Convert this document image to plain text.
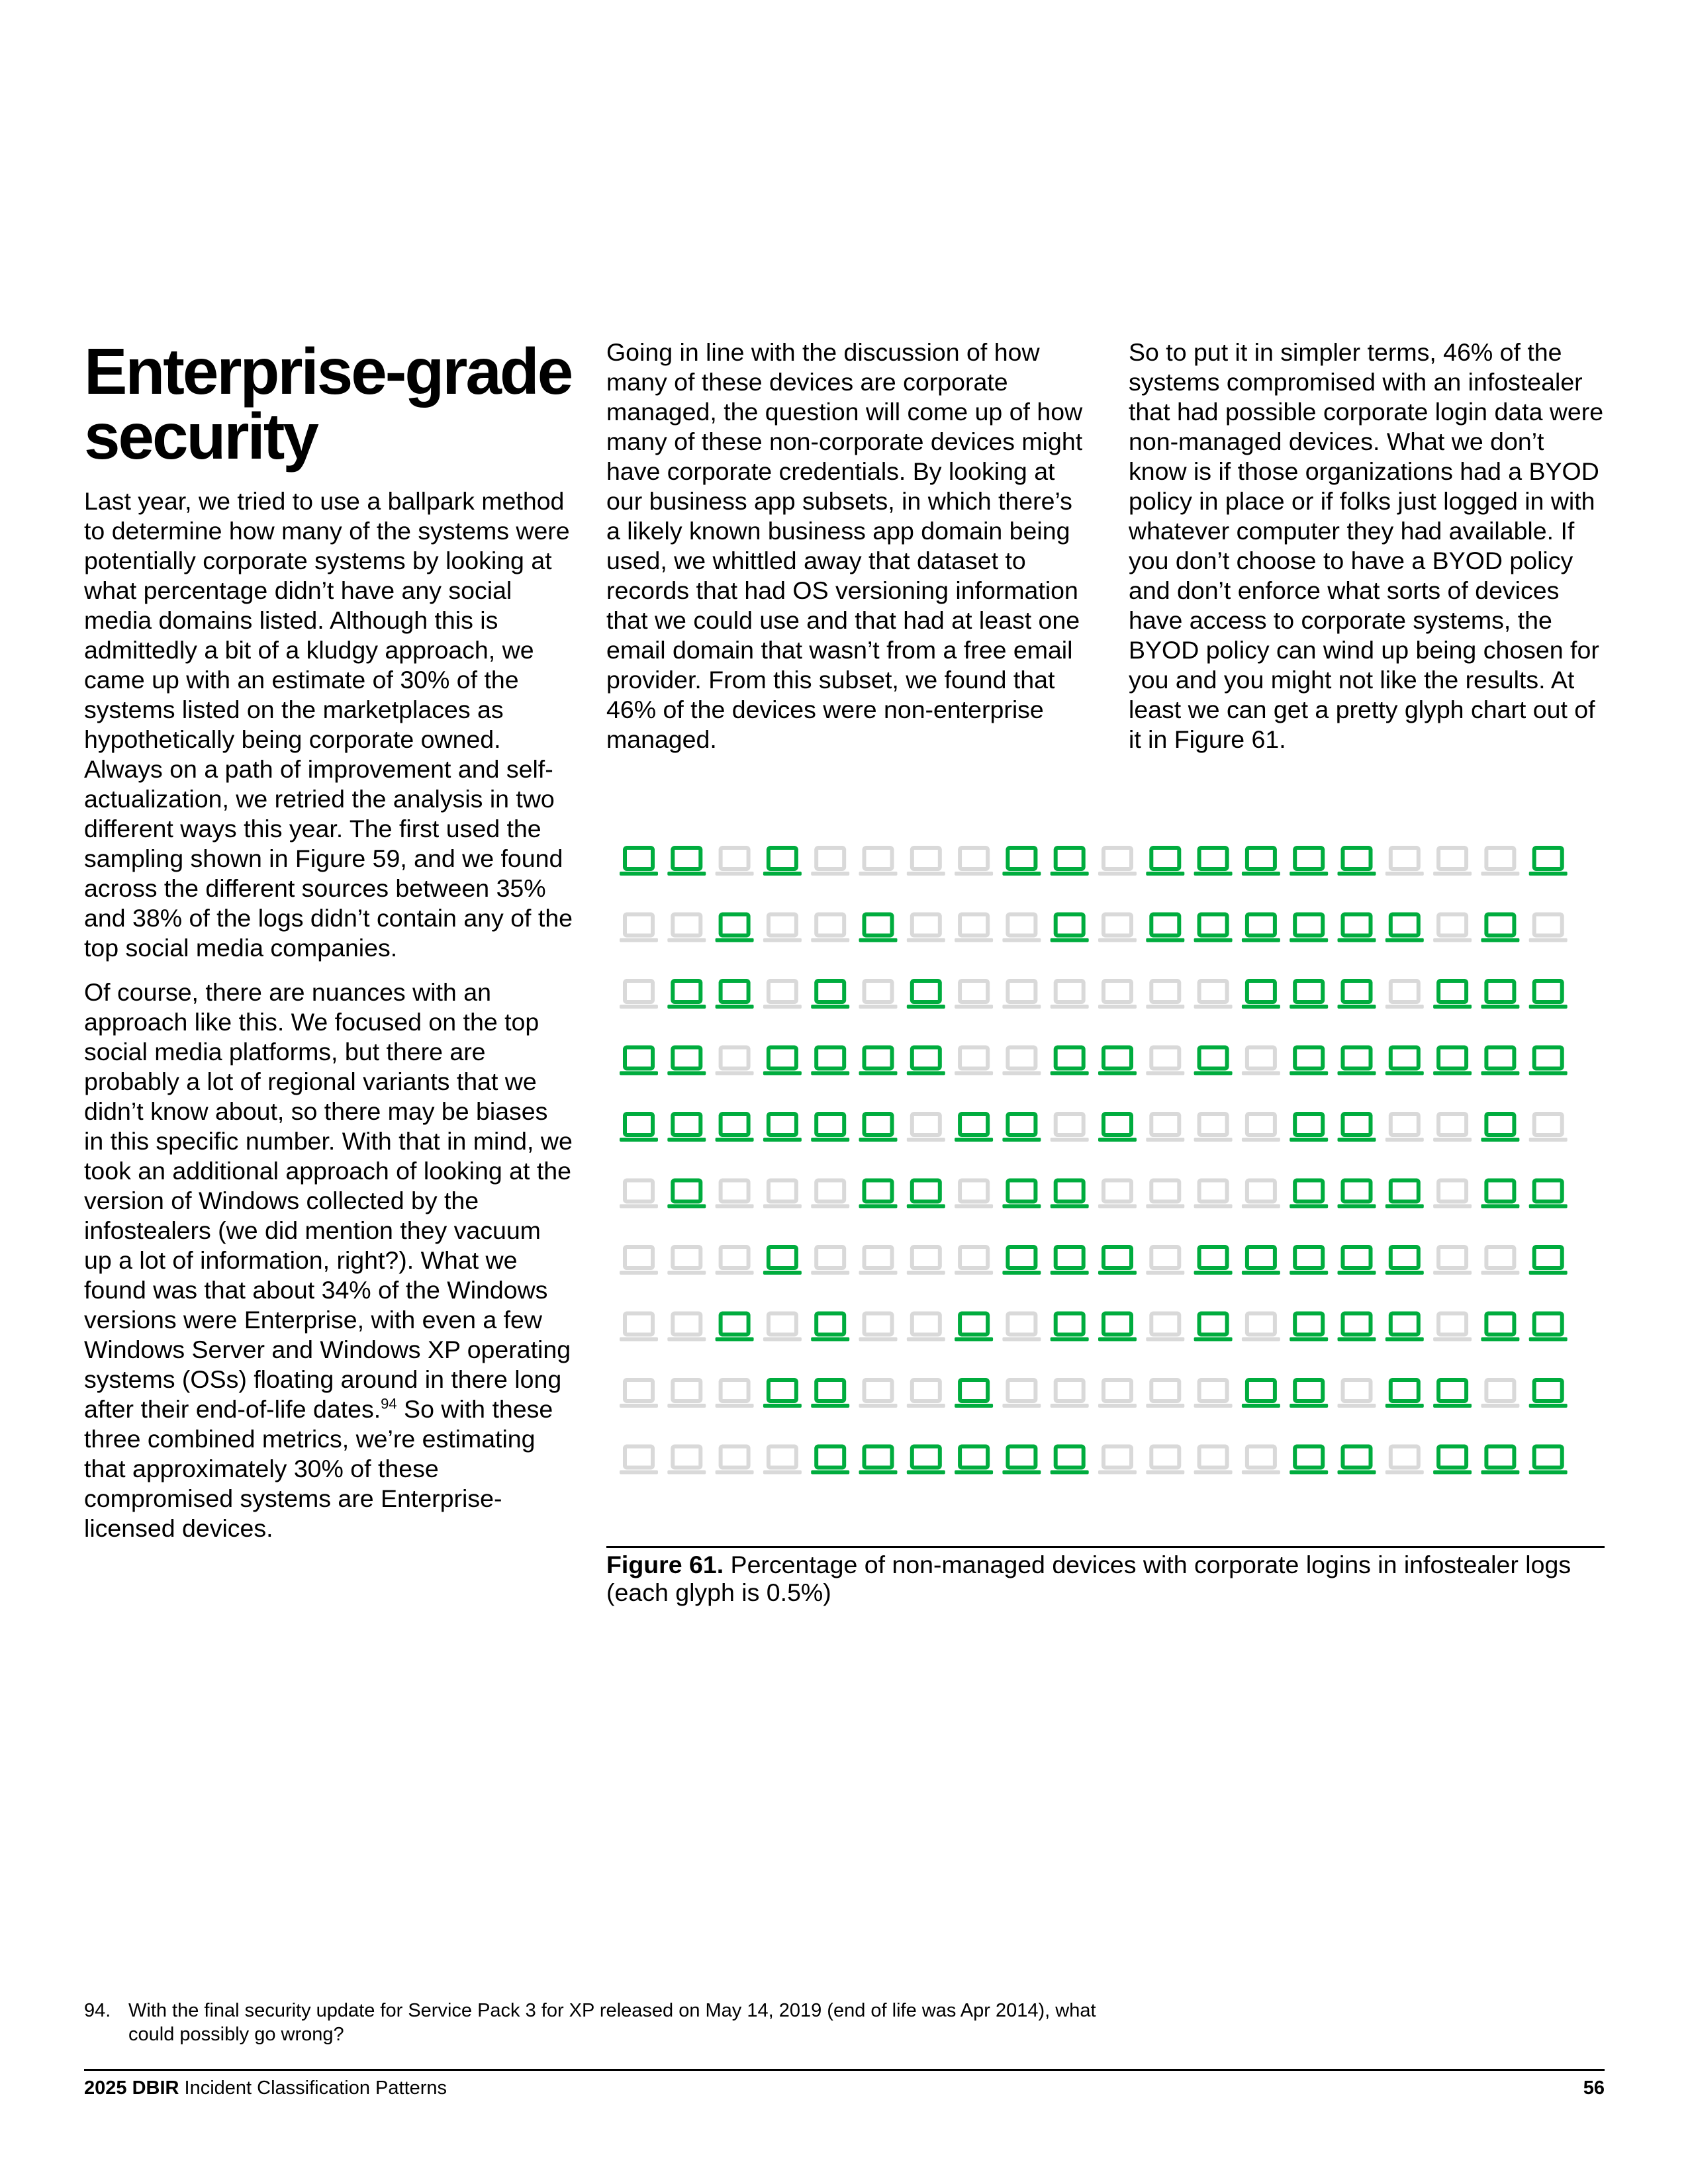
Enterprise-grade security

Last year, we tried to use a ballpark method to determine how many of the systems were potentially corporate systems by looking at what percentage didn’t have any social media domains listed. Although this is admittedly a bit of a kludgy approach, we came up with an estimate of 30% of the systems listed on the marketplaces as hypothetically being corporate owned. Always on a path of improvement and self-actualization, we retried the analysis in two different ways this year. The first used the sampling shown in Figure 59, and we found across the different sources between 35% and 38% of the logs didn’t contain any of the top social media companies.

Of course, there are nuances with an approach like this. We focused on the top social media platforms, but there are probably a lot of regional variants that we didn’t know about, so there may be biases in this specific number. With that in mind, we took an additional approach of looking at the version of Windows collected by the infostealers (we did mention they vacuum up a lot of information, right?). What we found was that about 34% of the Windows versions were Enterprise, with even a few Windows Server and Windows XP operating systems (OSs) floating around in there long after their end-of-life dates.$^{94}$ So with these three combined metrics, we’re estimating that approximately 30% of these compromised systems are Enterprise-licensed devices.

Going in line with the discussion of how many of these devices are corporate managed, the question will come up of how many of these non-corporate devices might have corporate credentials. By looking at our business app subsets, in which there’s a likely known business app domain being used, we whittled away that dataset to records that had OS versioning information that we could use and that had at least one email domain that wasn’t from a free email provider. From this subset, we found that 46% of the devices were non-enterprise managed.

So to put it in simpler terms, 46% of the systems compromised with an infostealer that had possible corporate login data were non-managed devices. What we don’t know is if those organizations had a BYOD policy in place or if folks just logged in with whatever computer they had available. If you don’t choose to have a BYOD policy and don’t enforce what sorts of devices have access to corporate systems, the BYOD policy can wind up being chosen for you and you might not like the results. At least we can get a pretty glyph chart out of it in Figure 61.

Figure 61. Percentage of non-managed devices with corporate logins in infostealer logs (each glyph is 0.5%)
94. With the final security update for Service Pack 3 for XP released on May 14, 2019 (end of life was Apr 2014), what could possibly go wrong?
2025 DBIR Incident Classification Patterns	56
